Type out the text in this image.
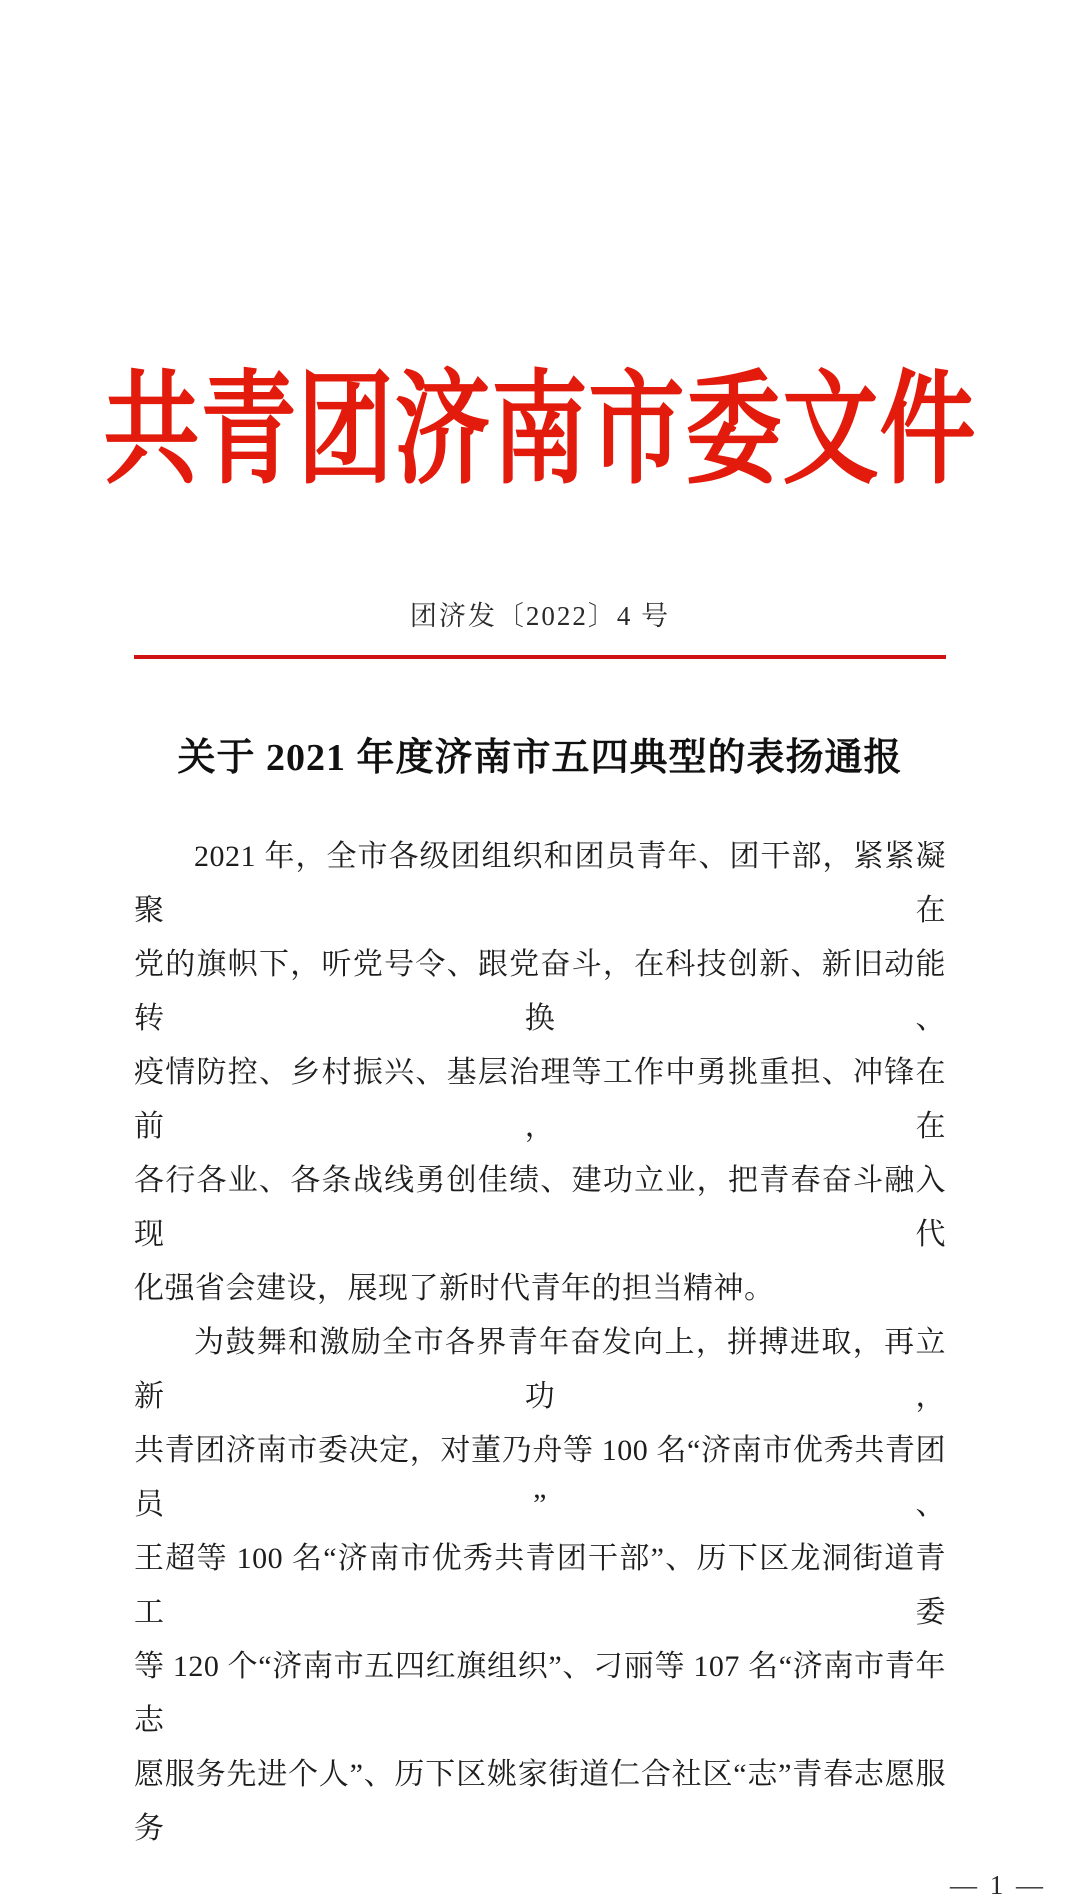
共青团济南市委文件
团济发〔2022〕4 号
关于 2021 年度济南市五四典型的表扬通报

2021 年，全市各级团组织和团员青年、团干部，紧紧凝聚在

党的旗帜下，听党号令、跟党奋斗，在科技创新、新旧动能转换、

疫情防控、乡村振兴、基层治理等工作中勇挑重担、冲锋在前，在

各行各业、各条战线勇创佳绩、建功立业，把青春奋斗融入现代

化强省会建设，展现了新时代青年的担当精神。

为鼓舞和激励全市各界青年奋发向上，拼搏进取，再立新功，

共青团济南市委决定，对董乃舟等 100 名“济南市优秀共青团员”、

王超等 100 名“济南市优秀共青团干部”、历下区龙洞街道青工委

等 120 个“济南市五四红旗组织”、刁丽等 107 名“济南市青年志

愿服务先进个人”、历下区姚家街道仁合社区“志”青春志愿服务

— 1 —
